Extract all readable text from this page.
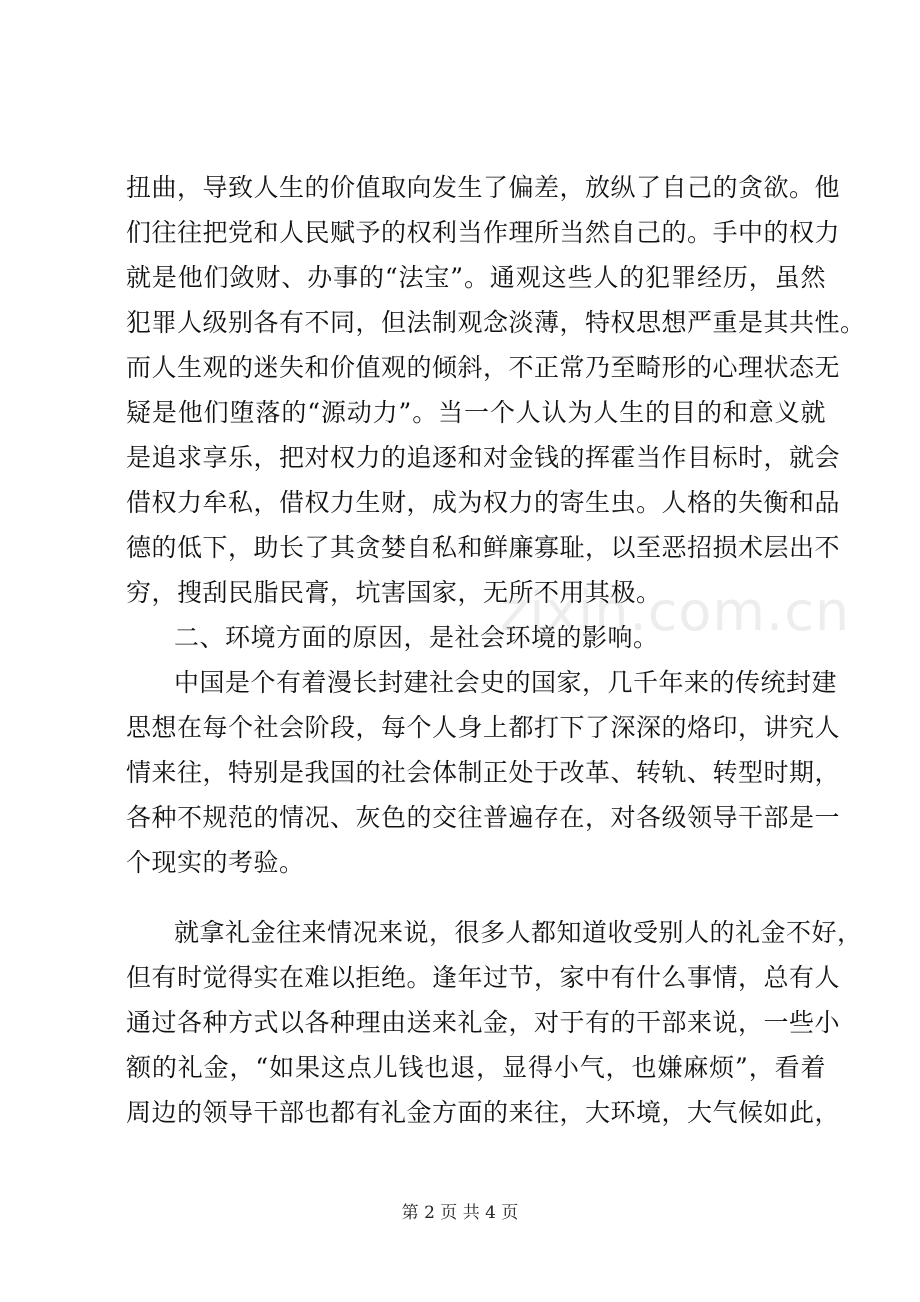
扭曲，导致人生的价值取向发生了偏差，放纵了自己的贪欲。他
们往往把党和人民赋予的权利当作理所当然自己的。手中的权力
就是他们敛财、办事的“法宝”。通观这些人的犯罪经历，虽然
犯罪人级别各有不同，但法制观念淡薄，特权思想严重是其共性。
而人生观的迷失和价值观的倾斜，不正常乃至畸形的心理状态无
疑是他们堕落的“源动力”。当一个人认为人生的目的和意义就
是追求享乐，把对权力的追逐和对金钱的挥霍当作目标时，就会
借权力牟私，借权力生财，成为权力的寄生虫。人格的失衡和品
德的低下，助长了其贪婪自私和鲜廉寡耻，以至恶招损术层出不
穷，搜刮民脂民膏，坑害国家，无所不用其极。
二、环境方面的原因，是社会环境的影响。
中国是个有着漫长封建社会史的国家，几千年来的传统封建
思想在每个社会阶段，每个人身上都打下了深深的烙印，讲究人
情来往，特别是我国的社会体制正处于改革、转轨、转型时期，
各种不规范的情况、灰色的交往普遍存在，对各级领导干部是一
个现实的考验。
就拿礼金往来情况来说，很多人都知道收受别人的礼金不好，
但有时觉得实在难以拒绝。逢年过节，家中有什么事情，总有人
通过各种方式以各种理由送来礼金，对于有的干部来说，一些小
额的礼金，“如果这点儿钱也退，显得小气，也嫌麻烦”，看着
周边的领导干部也都有礼金方面的来往，大环境，大气候如此，
zixin.com.cn
第 2 页 共 4 页
